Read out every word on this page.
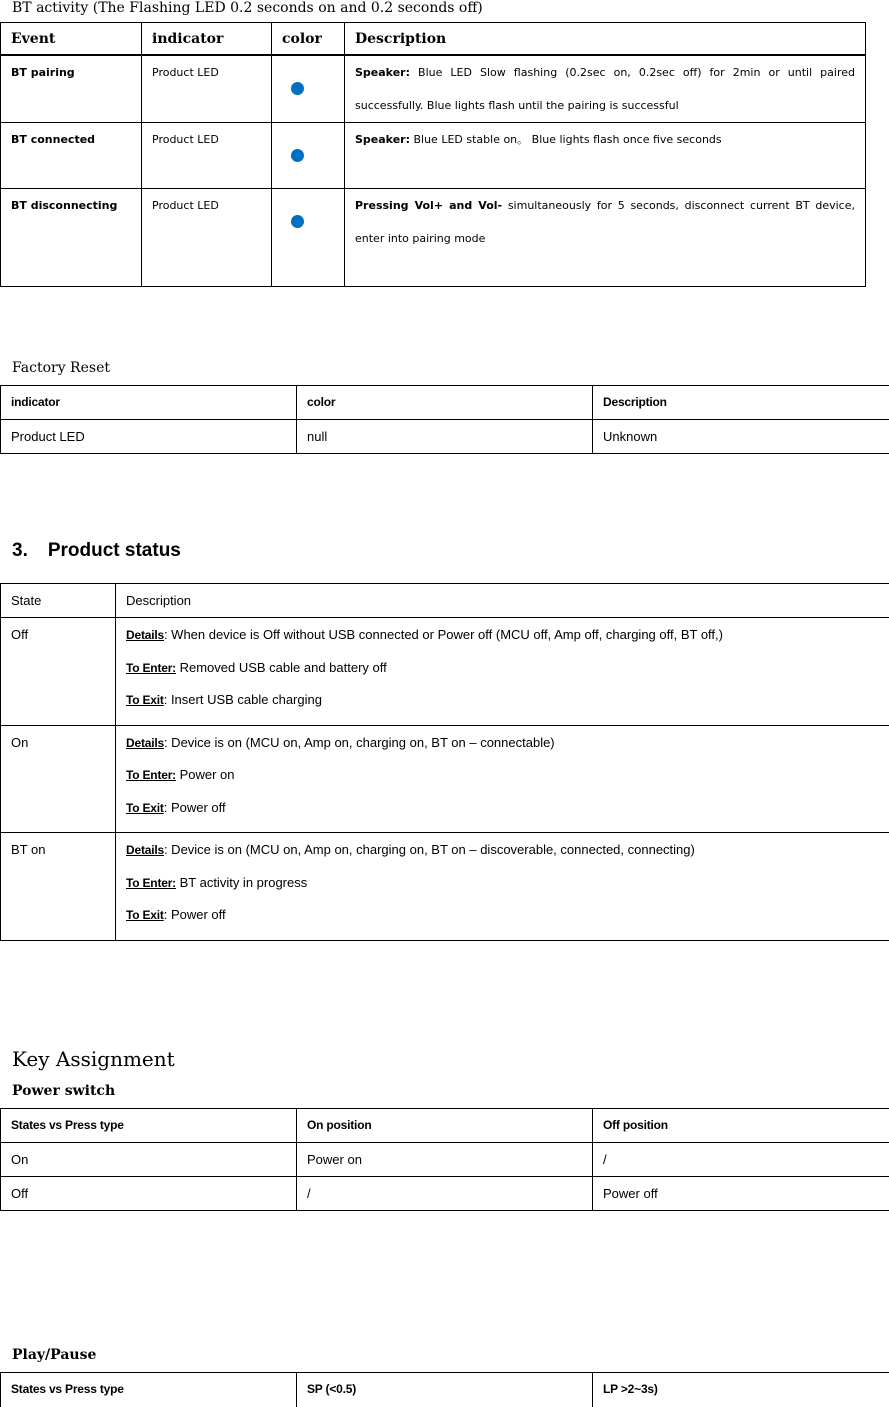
BT activity (The Flashing LED 0.2 seconds on and 0.2 seconds off)
Event	indicator	color	Description
BT pairing	Product LED		Speaker: Blue LED Slow flashing (0.2sec on, 0.2sec off) for 2min or until paired successfully. Blue lights flash until the pairing is successful
BT connected	Product LED		Speaker: Blue LED stable on。 Blue lights flash once five seconds
BT disconnecting	Product LED		Pressing Vol+ and Vol- simultaneously for 5 seconds, disconnect current BT device, enter into pairing mode
Factory Reset
indicator	color	Description
Product LED	null	Unknown
3. Product status
State	Description
Off	Details: When device is Off without USB connected or Power off (MCU off, Amp off, charging off, BT off,)
To Enter: Removed USB cable and battery off
To Exit: Insert USB cable charging

On	Details: Device is on (MCU on, Amp on, charging on, BT on – connectable)
To Enter: Power on
To Exit: Power off

BT on	Details: Device is on (MCU on, Amp on, charging on, BT on – discoverable, connected, connecting)
To Enter: BT activity in progress
To Exit: Power off
Key Assignment
Power switch
States vs Press type	On position	Off position
On	Power on	/
Off	/	Power off
Play/Pause
States vs Press type	SP (<0.5)	LP >2~3s)
